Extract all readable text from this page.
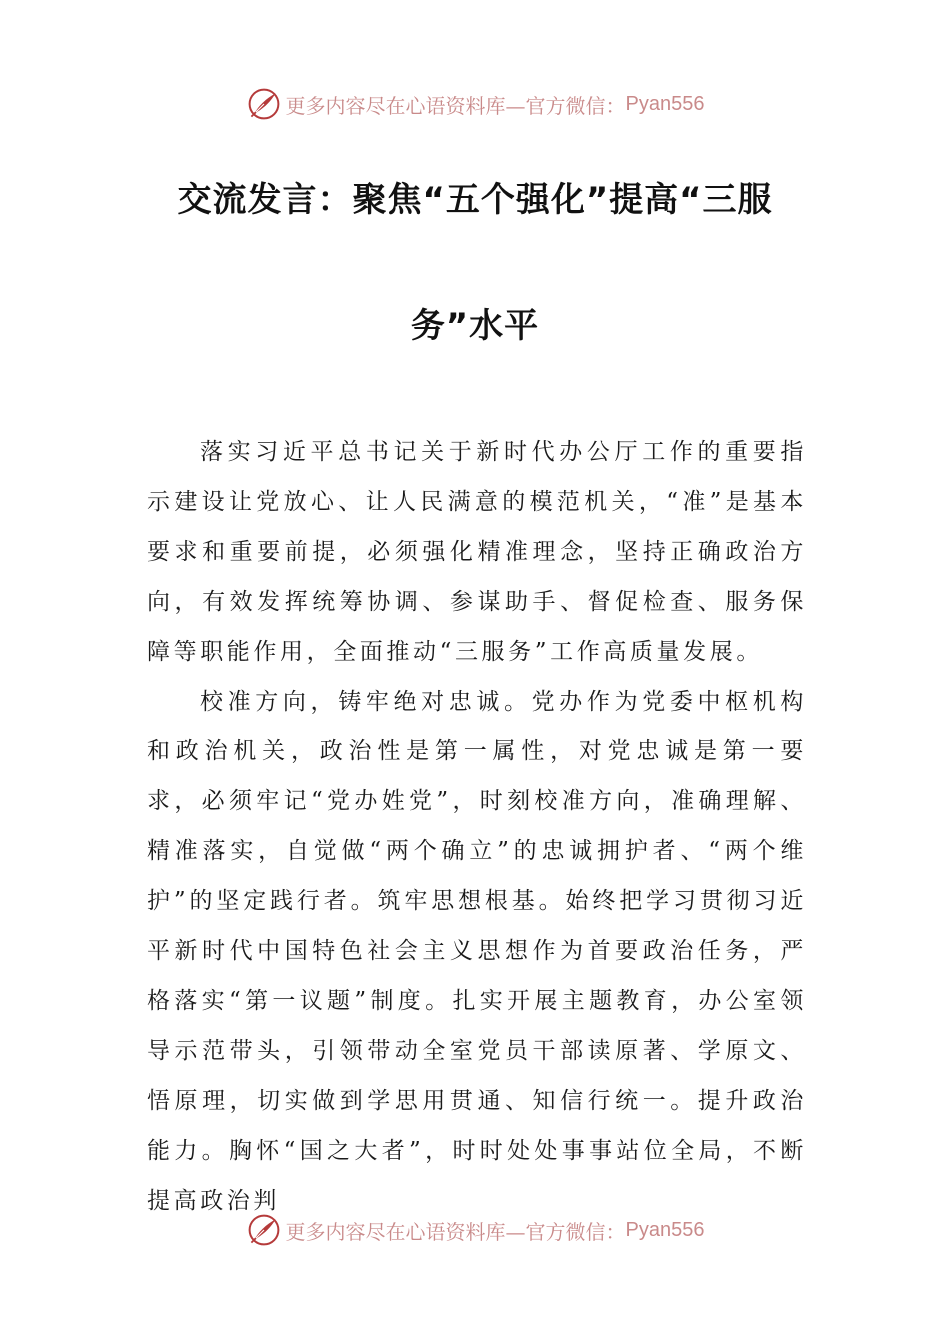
更多内容尽在心语资料库—官方微信： Pyan556
交流发言：聚焦“五个强化”提高“三服
务”水平

落实习近平总书记关于新时代办公厅工作的重要指示建设让党放心、让人民满意的模范机关，“准”是基本要求和重要前提，必须强化精准理念，坚持正确政治方向，有效发挥统筹协调、参谋助手、督促检查、服务保障等职能作用，全面推动“三服务”工作高质量发展。

校准方向，铸牢绝对忠诚。党办作为党委中枢机构和政治机关，政治性是第一属性，对党忠诚是第一要求，必须牢记“党办姓党”，时刻校准方向，准确理解、精准落实，自觉做“两个确立”的忠诚拥护者、“两个维护”的坚定践行者。筑牢思想根基。始终把学习贯彻习近平新时代中国特色社会主义思想作为首要政治任务，严格落实“第一议题”制度。扎实开展主题教育，办公室领导示范带头，引领带动全室党员干部读原著、学原文、悟原理，切实做到学思用贯通、知信行统一。提升政治能力。胸怀“国之大者”，时时处处事事站位全局，不断提高政治判

更多内容尽在心语资料库—官方微信： Pyan556
